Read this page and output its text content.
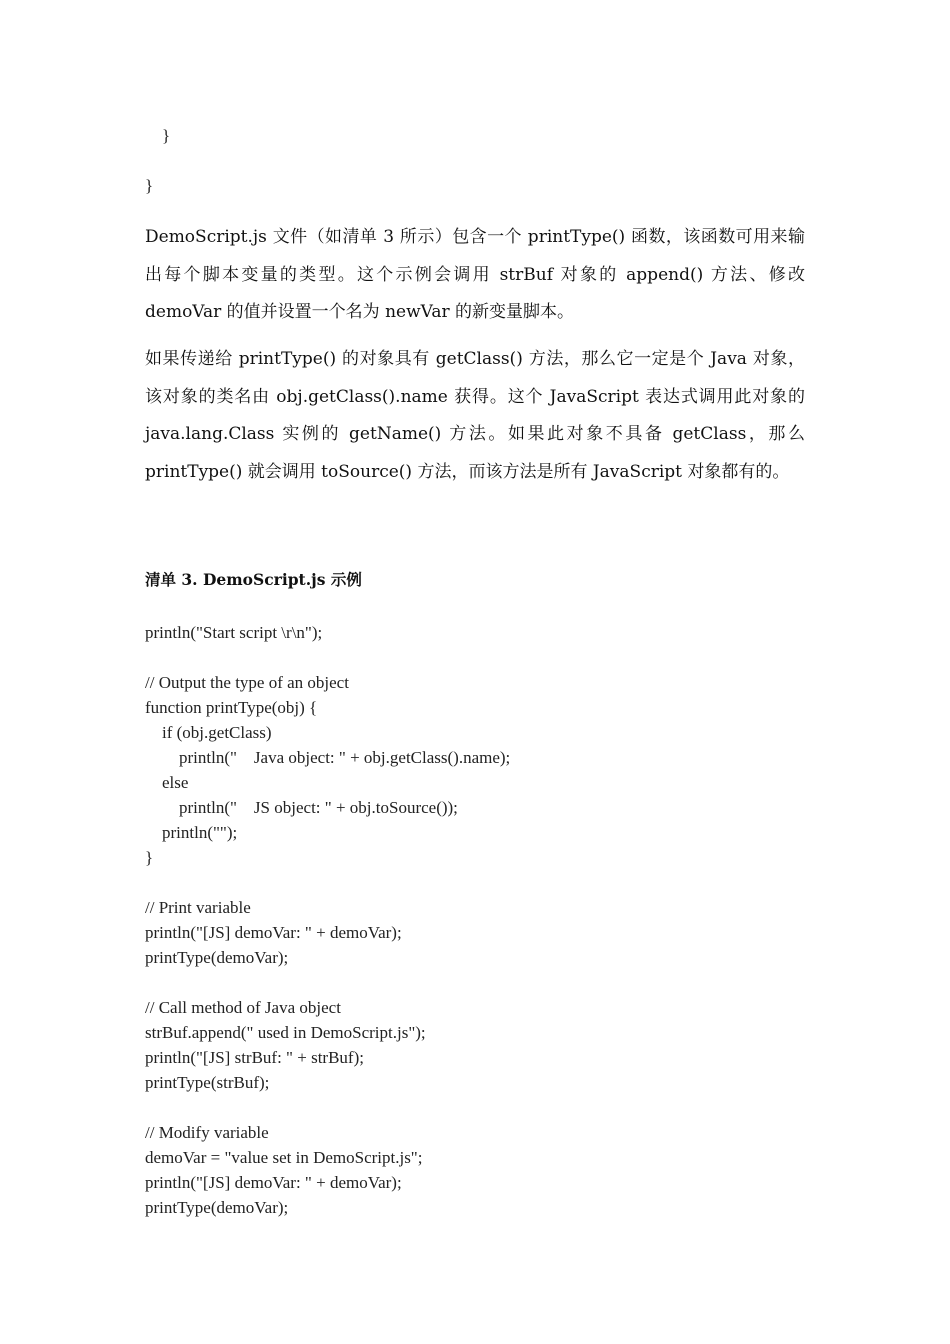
}
}
DemoScript.js 文件（如清单 3 所示）包含一个 printType() 函数，该函数可用来输出每个脚本变量的类型。这个示例会调用 strBuf 对象的 append() 方法、修改 demoVar 的值并设置一个名为 newVar 的新变量脚本。
如果传递给 printType() 的对象具有 getClass() 方法，那么它一定是个 Java 对象，该对象的类名由 obj.getClass().name 获得。这个 JavaScript 表达式调用此对象的 java.lang.Class 实例的 getName() 方法。如果此对象不具备 getClass，那么 printType() 就会调用 toSource() 方法，而该方法是所有 JavaScript 对象都有的。
清单 3. DemoScript.js 示例
println("Start script \r\n");
// Output the type of an object
function printType(obj) {
if (obj.getClass)
println("    Java object: " + obj.getClass().name);
else
println("    JS object: " + obj.toSource());
println("");
}
// Print variable
println("[JS] demoVar: " + demoVar);
printType(demoVar);
// Call method of Java object
strBuf.append(" used in DemoScript.js");
println("[JS] strBuf: " + strBuf);
printType(strBuf);
// Modify variable
demoVar = "value set in DemoScript.js";
println("[JS] demoVar: " + demoVar);
printType(demoVar);
